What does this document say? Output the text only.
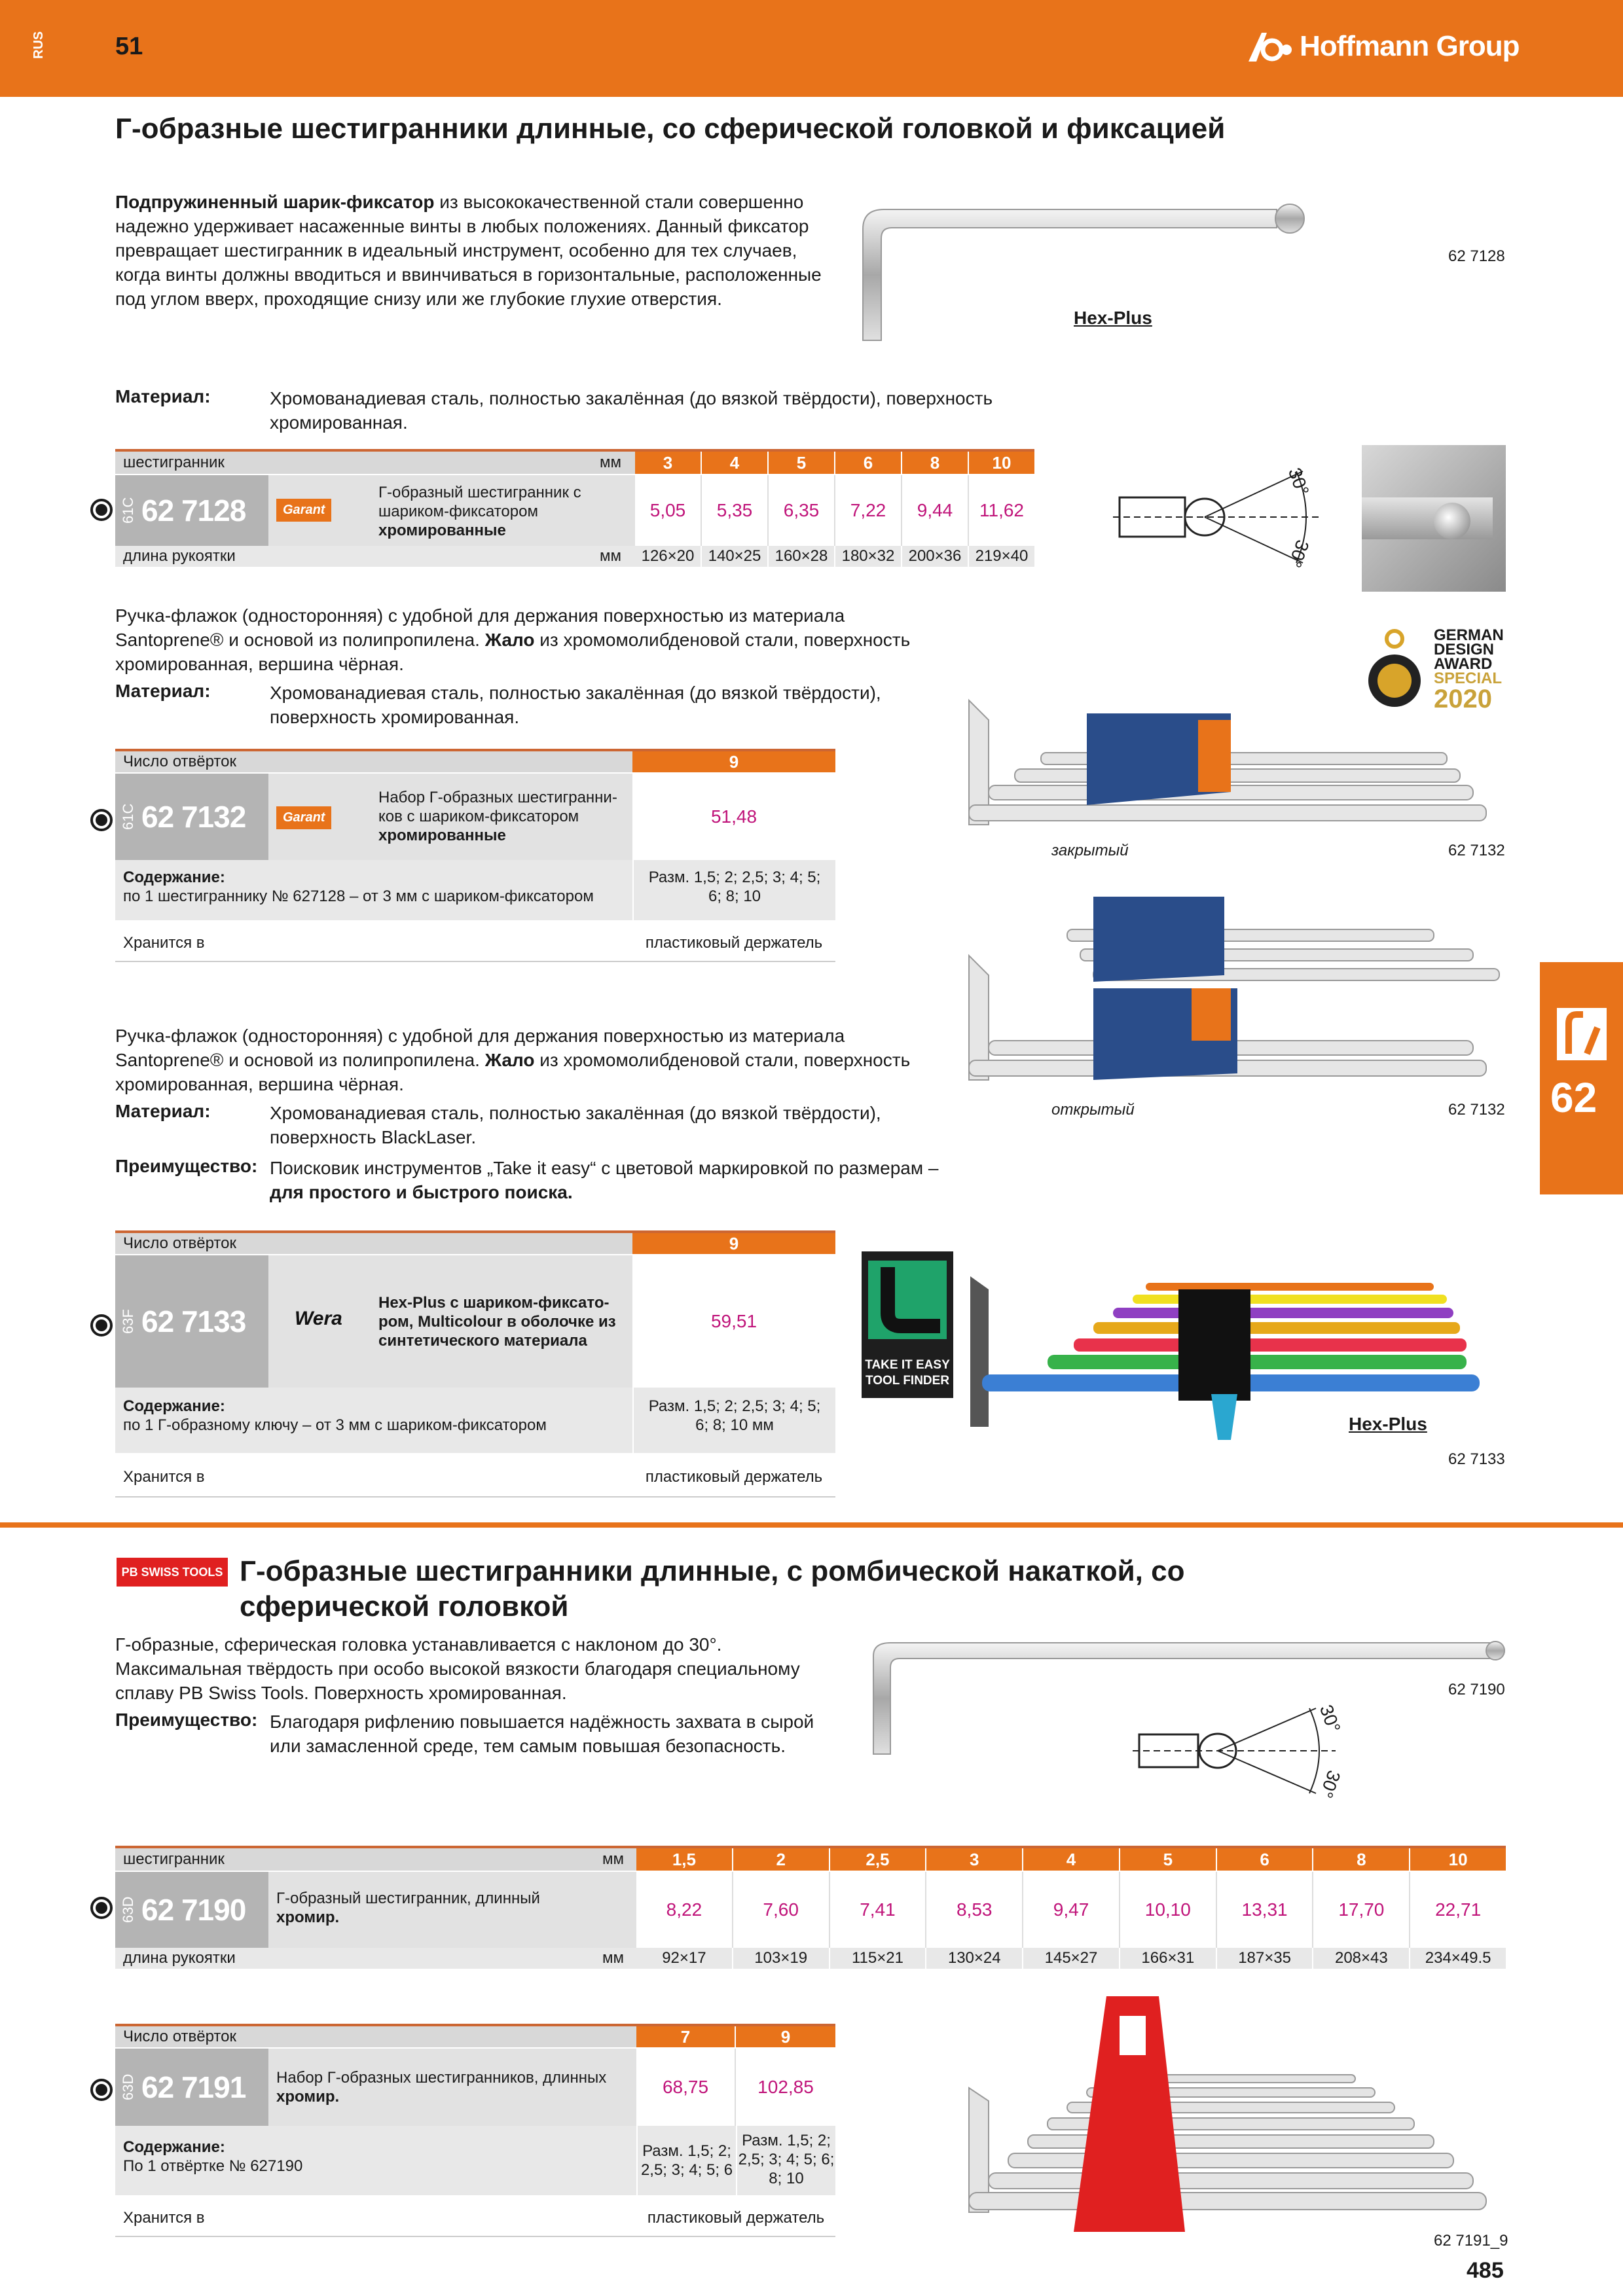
RUS	51	Hoffmann Group
Г-образные шестигранники длинные, со сферической головкой и фиксацией
Подпружиненный шарик-фиксатор из высококачественной стали совершенно надежно удерживает насаженные винты в любых положениях. Данный фиксатор превращает шестигранник в идеальный инструмент, особенно для тех случаев, когда винты должны вводиться и ввинчиваться в горизонтальные, расположенные под углом вверх, проходящие снизу или же глубокие глухие отверстия.
62 7128
Hex-Plus
Материал:	Хромованадиевая сталь, полностью закалённая (до вязкой твёрдости), поверхность хромированная.
шестигранник	мм	3	4	5	6	8	10
61C 62 7128	Garant
Г-образный шестигранник с
шариком-фиксатором
хромированные
5,05	5,35	6,35	7,22	9,44	11,62
длина рукоятки	мм	126×20 140×25 160×28 180×32 200×36 219×40
30°
30°
Ручка-флажок (односторонняя) с удобной для держания поверхностью из материала
Santoprene® и основой из полипропилена. Жало из хромомолибденовой стали, поверхность
хромированная, вершина чёрная.
Материал:	Хромованадиевая сталь, полностью закалённая (до вязкой твёрдости),
поверхность хромированная.
GERMAN
DESIGN
AWARD
SPECIAL
2020
закрытый	62 7132
Число отвёрток	9
61C 62 7132	Garant
Набор Г-образных шестигранни-
ков с шариком-фиксатором
хромированные
51,48
Содержание:
по 1 шестиграннику № 627128 – от 3 мм с шариком-фиксатором
Разм. 1,5; 2; 2,5; 3; 4; 5;
6; 8; 10
Хранится в	пластиковый держатель
открытый	62 7132
Ручка-флажок (односторонняя) с удобной для держания поверхностью из материала
Santoprene® и основой из полипропилена. Жало из хромомолибденовой стали, поверхность
хромированная, вершина чёрная.
Материал:	Хромованадиевая сталь, полностью закалённая (до вязкой твёрдости),
поверхность BlackLaser.
Преимущество: Поисковик инструментов „Take it easy“ с цветовой маркировкой по размерам –
для простого и быстрого поиска.
Число отвёрток	9
63F 62 7133 Wera
Hex-Plus с шариком-фиксато-
ром, Multicolour в оболочке из
синтетического материала
59,51
Содержание:
по 1 Г-образному ключу – от 3 мм с шариком-фиксатором
Разм. 1,5; 2; 2,5; 3; 4; 5;
6; 8; 10 мм
Хранится в	пластиковый держатель
TAKE IT EASY
TOOL FINDER
Hex-Plus
62 7133
62
PB SWISS TOOLS Г-образные шестигранники длинные, с ромбической накаткой, со
сферической головкой
Г-образные, сферическая головка устанавливается с наклоном до 30°.
Максимальная твёрдость при особо высокой вязкости благодаря специальному
сплаву PB Swiss Tools. Поверхность хромированная.
Преимущество: Благодаря рифлению повышается надёжность захвата в сырой
или замасленной среде, тем самым повышая безопасность.
62 7190
30°
30°
шестигранник	мм	1,5	2	2,5	3	4	5	6	8	10
63D 62 7190 Г-образный шестигранник, длинный
хромир.	8,22	7,60	7,41	8,53	9,47	10,10	13,31	17,70	22,71
длина рукоятки	мм	92×17	103×19	115×21	130×24	145×27	166×31	187×35	208×43	234×49.5
Число отвёрток	7	9
63D 62 7191 Набор Г-образных шестигранников, длинных
хромир.	68,75	102,85
Содержание:
По 1 отвёртке № 627190
Разм. 1,5; 2;
2,5; 3; 4; 5; 6
Разм. 1,5; 2;
2,5; 3; 4; 5; 6;
8; 10
Хранится в	пластиковый держатель
62 7191_9
485
